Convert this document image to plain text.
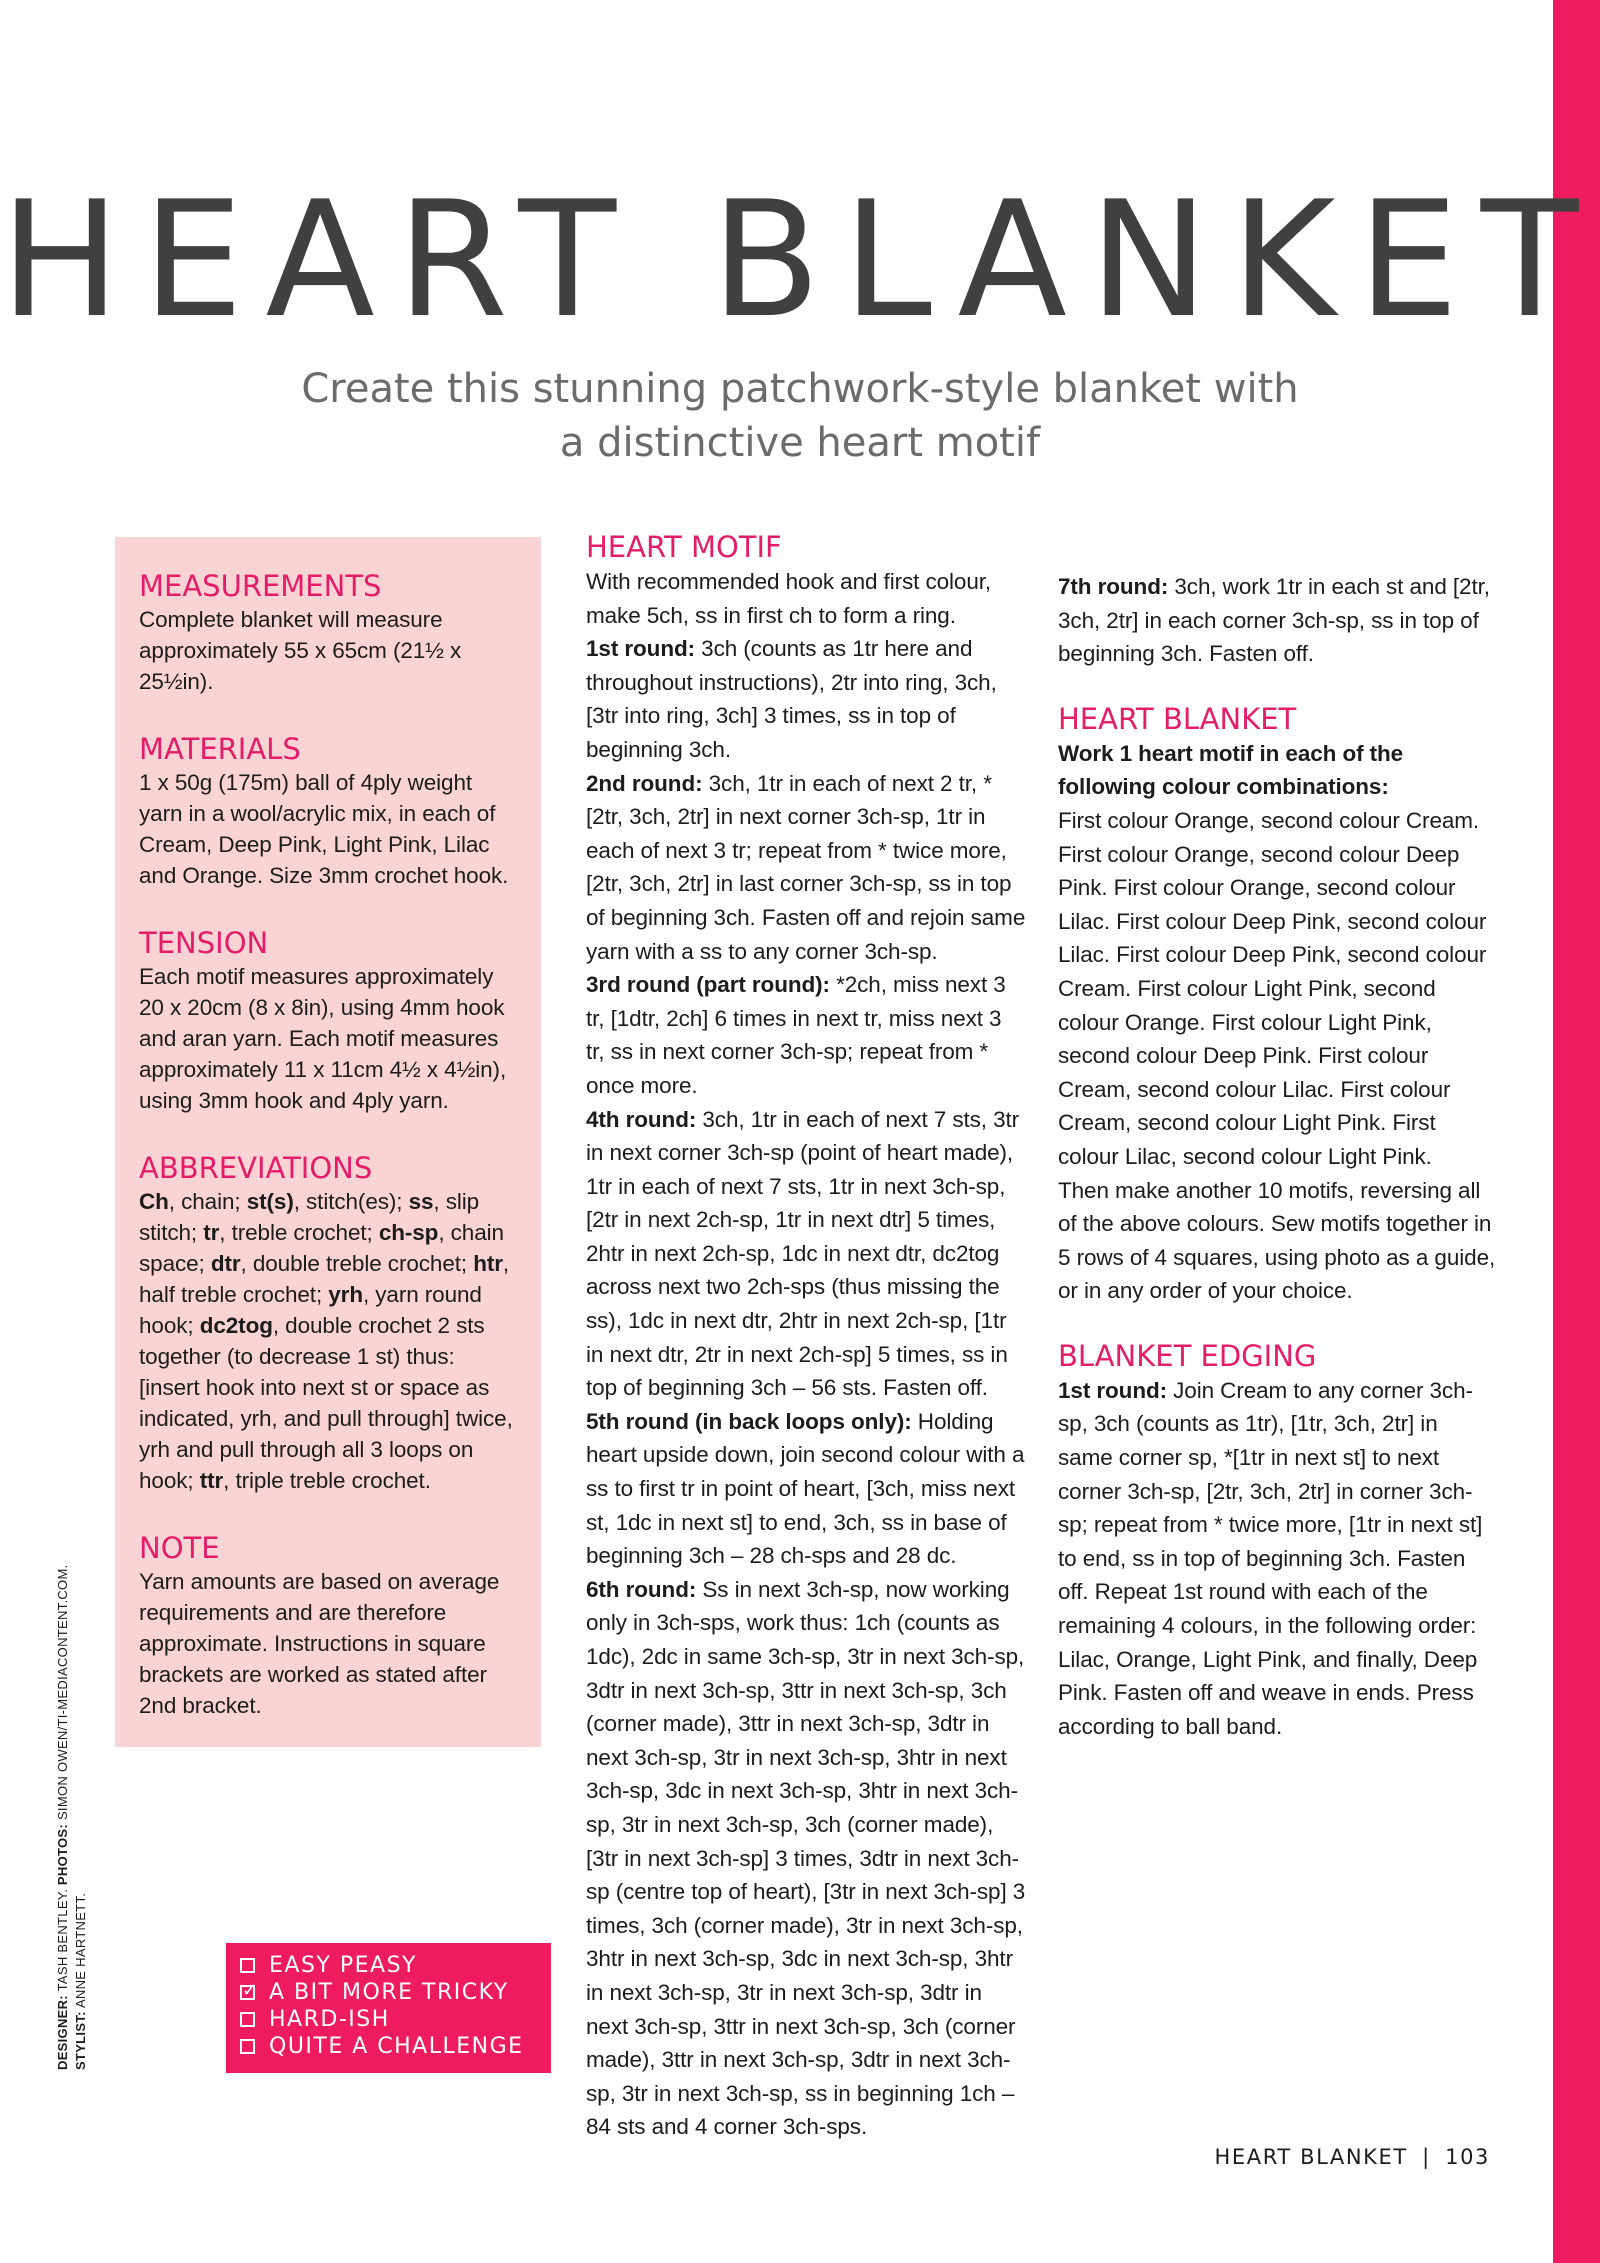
HEART BLANKET

Create this stunning patchwork-style blanket with a distinctive heart motif

MEASUREMENTS

Complete blanket will measure approximately 55 x 65cm (21½ x 25½in).

MATERIALS

1 x 50g (175m) ball of 4ply weight yarn in a wool/acrylic mix, in each of Cream, Deep Pink, Light Pink, Lilac and Orange. Size 3mm crochet hook.

TENSION

Each motif measures approximately 20 x 20cm (8 x 8in), using 4mm hook and aran yarn. Each motif measures approximately 11 x 11cm 4½ x 4½in), using 3mm hook and 4ply yarn.

ABBREVIATIONS

Ch, chain; st(s), stitch(es); ss, slip stitch; tr, treble crochet; ch-sp, chain space; dtr, double treble crochet; htr, half treble crochet; yrh, yarn round hook; dc2tog, double crochet 2 sts together (to decrease 1 st) thus: [insert hook into next st or space as indicated, yrh, and pull through] twice, yrh and pull through all 3 loops on hook; ttr, triple treble crochet.

NOTE

Yarn amounts are based on average requirements and are therefore approximate. Instructions in square brackets are worked as stated after 2nd bracket.

EASY PEASY
✓
A BIT MORE TRICKY
HARD-ISH
QUITE A CHALLENGE
DESIGNER: TASH BENTLEY. PHOTOS: SIMON OWEN/TI-MEDIACONTENT.COM.
STYLIST: ANNE HARTNETT.
HEART MOTIF

With recommended hook and first colour, make 5ch, ss in first ch to form a ring.

1st round: 3ch (counts as 1tr here and throughout instructions), 2tr into ring, 3ch, [3tr into ring, 3ch] 3 times, ss in top of beginning 3ch.

2nd round: 3ch, 1tr in each of next 2 tr, *[2tr, 3ch, 2tr] in next corner 3ch-sp, 1tr in each of next 3 tr; repeat from * twice more, [2tr, 3ch, 2tr] in last corner 3ch-sp, ss in top of beginning 3ch. Fasten off and rejoin same yarn with a ss to any corner 3ch-sp.

3rd round (part round): *2ch, miss next 3 tr, [1dtr, 2ch] 6 times in next tr, miss next 3 tr, ss in next corner 3ch-sp; repeat from * once more.

4th round: 3ch, 1tr in each of next 7 sts, 3tr in next corner 3ch-sp (point of heart made), 1tr in each of next 7 sts, 1tr in next 3ch-sp, [2tr in next 2ch-sp, 1tr in next dtr] 5 times, 2htr in next 2ch-sp, 1dc in next dtr, dc2tog across next two 2ch-sps (thus missing the ss), 1dc in next dtr, 2htr in next 2ch-sp, [1tr in next dtr, 2tr in next 2ch-sp] 5 times, ss in top of beginning 3ch – 56 sts. Fasten off.

5th round (in back loops only): Holding heart upside down, join second colour with a ss to first tr in point of heart, [3ch, miss next st, 1dc in next st] to end, 3ch, ss in base of beginning 3ch – 28 ch-sps and 28 dc.

6th round: Ss in next 3ch-sp, now working only in 3ch-sps, work thus: 1ch (counts as 1dc), 2dc in same 3ch-sp, 3tr in next 3ch-sp, 3dtr in next 3ch-sp, 3ttr in next 3ch-sp, 3ch (corner made), 3ttr in next 3ch-sp, 3dtr in next 3ch-sp, 3tr in next 3ch-sp, 3htr in next 3ch-sp, 3dc in next 3ch-sp, 3htr in next 3ch-sp, 3tr in next 3ch-sp, 3ch (corner made), [3tr in next 3ch-sp] 3 times, 3dtr in next 3ch-sp (centre top of heart), [3tr in next 3ch-sp] 3 times, 3ch (corner made), 3tr in next 3ch-sp, 3htr in next 3ch-sp, 3dc in next 3ch-sp, 3htr in next 3ch-sp, 3tr in next 3ch-sp, 3dtr in next 3ch-sp, 3ttr in next 3ch-sp, 3ch (corner made), 3ttr in next 3ch-sp, 3dtr in next 3ch-sp, 3tr in next 3ch-sp, ss in beginning 1ch – 84 sts and 4 corner 3ch-sps.

7th round: 3ch, work 1tr in each st and [2tr, 3ch, 2tr] in each corner 3ch-sp, ss in top of beginning 3ch. Fasten off.

HEART BLANKET

Work 1 heart motif in each of the following colour combinations:

First colour Orange, second colour Cream. First colour Orange, second colour Deep Pink. First colour Orange, second colour Lilac. First colour Deep Pink, second colour Lilac. First colour Deep Pink, second colour Cream. First colour Light Pink, second colour Orange. First colour Light Pink, second colour Deep Pink. First colour Cream, second colour Lilac. First colour Cream, second colour Light Pink. First colour Lilac, second colour Light Pink.

Then make another 10 motifs, reversing all of the above colours. Sew motifs together in 5 rows of 4 squares, using photo as a guide, or in any order of your choice.

BLANKET EDGING

1st round: Join Cream to any corner 3ch-sp, 3ch (counts as 1tr), [1tr, 3ch, 2tr] in same corner sp, *[1tr in next st] to next corner 3ch-sp, [2tr, 3ch, 2tr] in corner 3ch-sp; repeat from * twice more, [1tr in next st] to end, ss in top of beginning 3ch. Fasten off. Repeat 1st round with each of the remaining 4 colours, in the following order: Lilac, Orange, Light Pink, and finally, Deep Pink. Fasten off and weave in ends. Press according to ball band.

HEART BLANKET | 103
